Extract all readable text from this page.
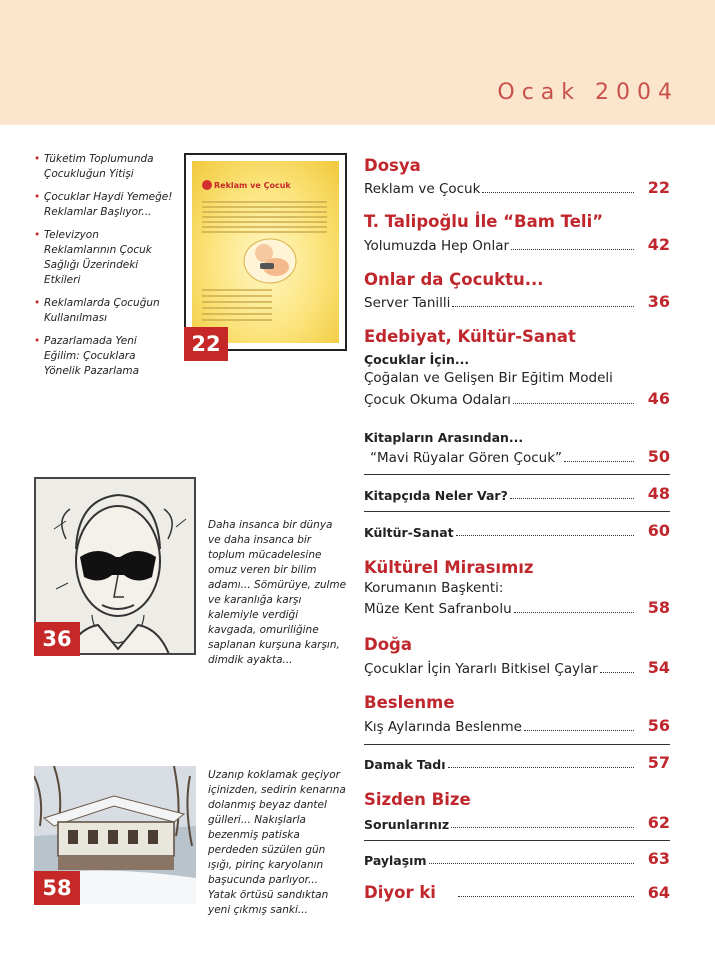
Ocak 2004
• Tüketim Toplumunda Çocukluğun Yitişi
• Çocuklar Haydi Yemeğe! Reklamlar Başlıyor...
• Televizyon Reklamlarının Çocuk Sağlığı Üzerindeki Etkileri
• Reklamlarda Çocuğun Kullanılması
• Pazarlamada Yeni Eğilim: Çocuklara Yönelik Pazarlama
Reklam ve Çocuk
22
36
Daha insanca bir dünya ve daha insanca bir toplum mücadelesine omuz veren bir bilim adamı... Sömürüye, zulme ve karanlığa karşı kalemiyle verdiği kavgada, omuriliğine saplanan kurşuna karşın, dimdik ayakta...
58
Uzanıp koklamak geçiyor içinizden, sedirin kenarına dolanmış beyaz dantel gülleri... Nakışlarla bezenmiş patiska perdeden süzülen gün ışığı, pirinç karyolanın başucunda parlıyor... Yatak örtüsü sandıktan yeni çıkmış sanki...
Dosya
Reklam ve Çocuk	22
T. Talipoğlu İle “Bam Teli”
Yolumuzda Hep Onlar	42
Onlar da Çocuktu...
Server Tanilli	36
Edebiyat, Kültür-Sanat
Çocuklar İçin...
Çoğalan ve Gelişen Bir Eğitim Modeli
Çocuk Okuma Odaları	46
Kitapların Arasından...
“Mavi Rüyalar Gören Çocuk”	50
Kitapçıda Neler Var?	48
Kültür-Sanat	60
Kültürel Mirasımız
Korumanın Başkenti:
Müze Kent Safranbolu	58
Doğa
Çocuklar İçin Yararlı Bitkisel Çaylar	54
Beslenme
Kış Aylarında Beslenme	56
Damak Tadı	57
Sizden Bize
Sorunlarınız	62
Paylaşım	63
Diyor ki	64
